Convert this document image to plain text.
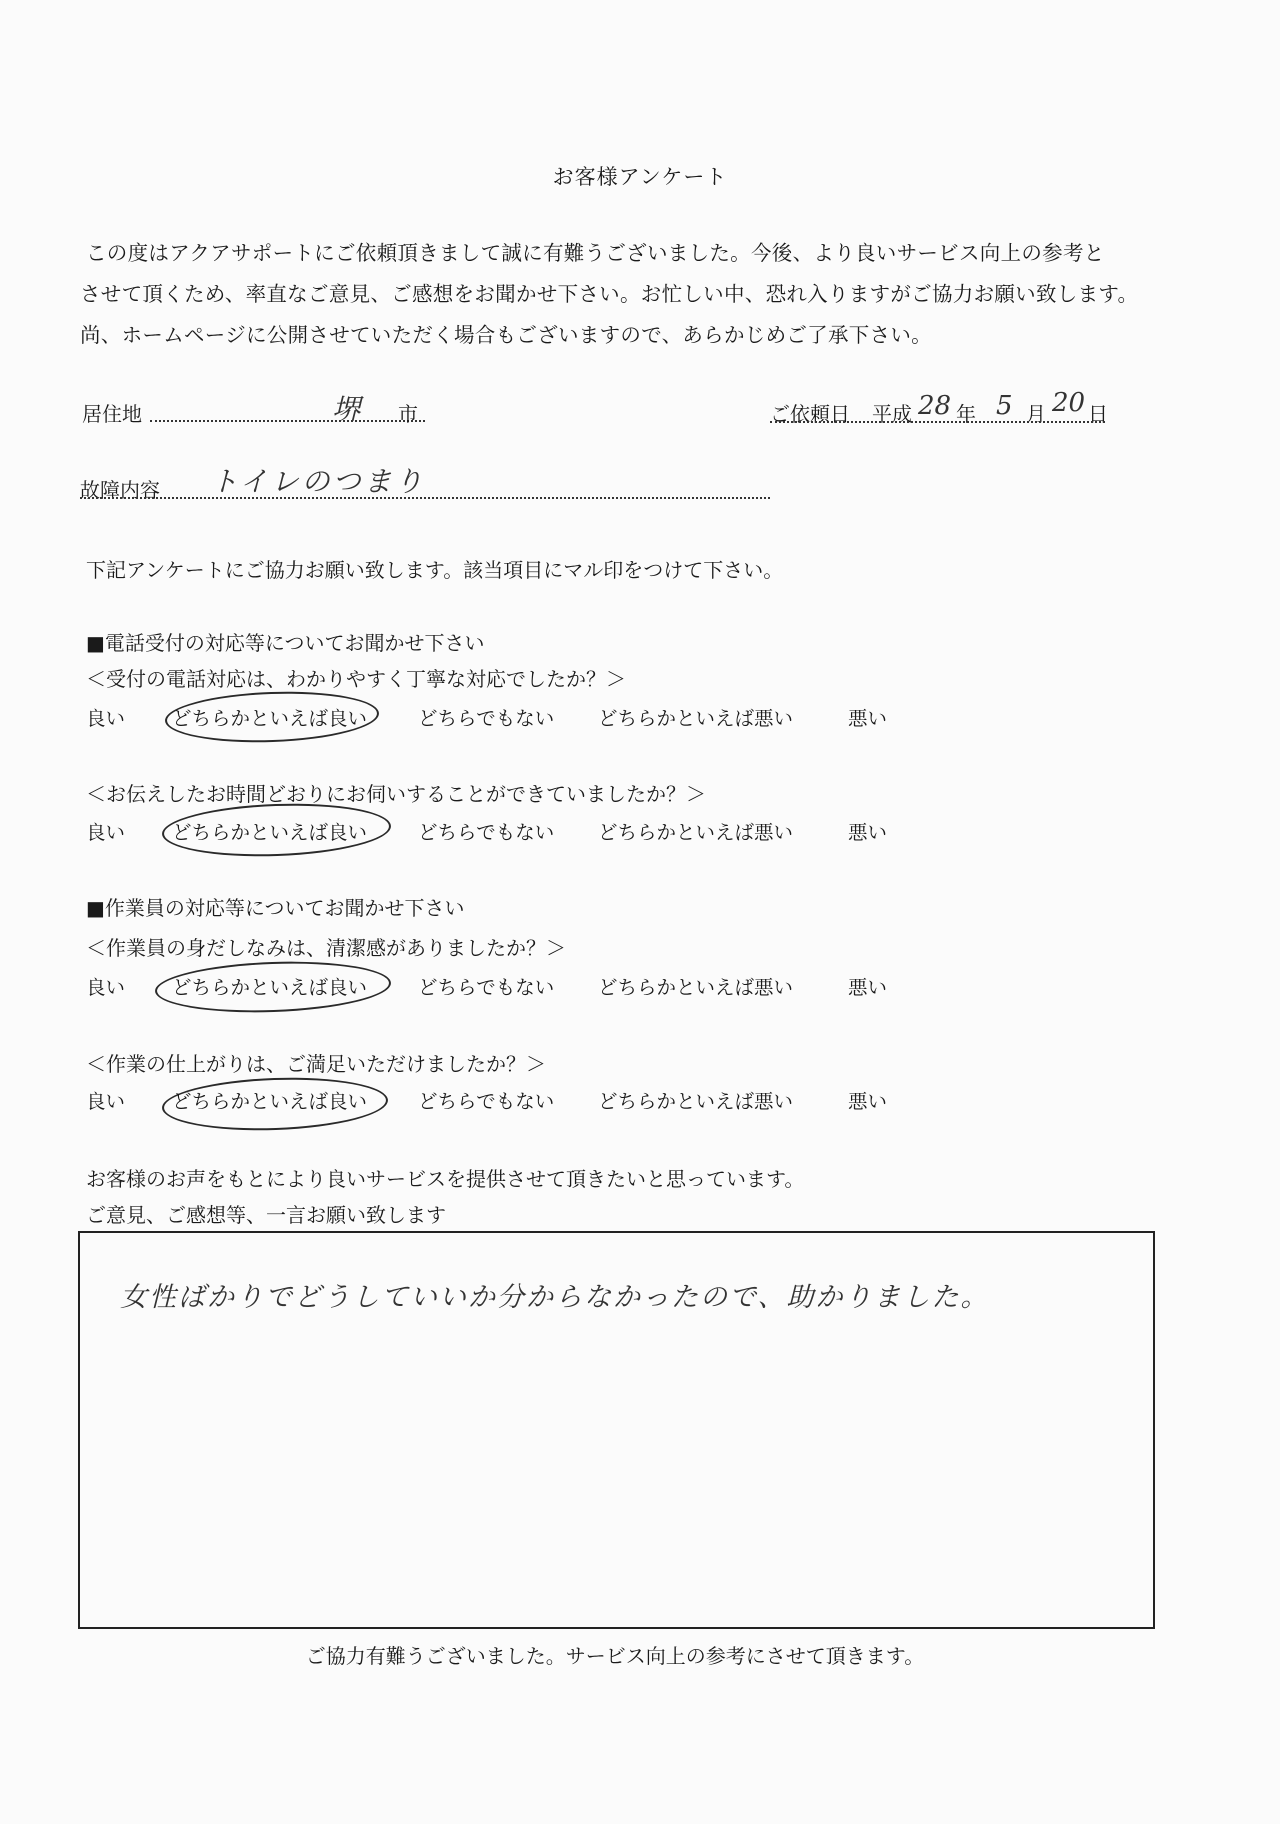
お客様アンケート
この度はアクアサポートにご依頼頂きまして誠に有難うございました。今後、より良いサービス向上の参考と
させて頂くため、率直なご意見、ご感想をお聞かせ下さい。お忙しい中、恐れ入りますがご協力お願い致します。
尚、ホームページに公開させていただく場合もございますので、あらかじめご了承下さい。
居住地	堺 市	ご依頼日 平成 28 年 5 月 20 日
故障内容 トイレのつまり
下記アンケートにご協力お願い致します。該当項目にマル印をつけて下さい。
■電話受付の対応等についてお聞かせ下さい
＜受付の電話対応は、わかりやすく丁寧な対応でしたか？＞
良い どちらかといえば良い	どちらでもない どちらかといえば悪い	悪い
＜お伝えしたお時間どおりにお伺いすることができていましたか？＞
良い どちらかといえば良い	どちらでもない どちらかといえば悪い	悪い
■作業員の対応等についてお聞かせ下さい
＜作業員の身だしなみは、清潔感がありましたか？＞
良い どちらかといえば良い	どちらでもない どちらかといえば悪い	悪い
＜作業の仕上がりは、ご満足いただけましたか？＞
良い どちらかといえば良い	どちらでもない どちらかといえば悪い	悪い
お客様のお声をもとにより良いサービスを提供させて頂きたいと思っています。
ご意見、ご感想等、一言お願い致します
女性ばかりでどうしていいか分からなかったので、助かりました。
ご協力有難うございました。サービス向上の参考にさせて頂きます。
